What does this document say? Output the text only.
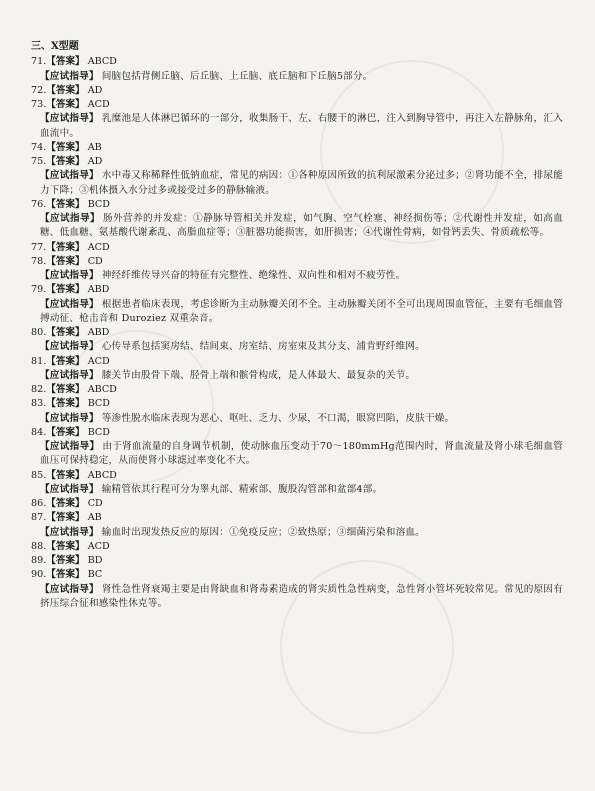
三、X型题
71.【答案】 ABCD
【应试指导】 间脑包括背侧丘脑、后丘脑、上丘脑、底丘脑和下丘脑5部分。
72.【答案】 AD
73.【答案】 ACD
【应试指导】 乳糜池是人体淋巴循环的一部分，收集肠干、左、右腰干的淋巴，注入到胸导管中，再注入左静脉角，汇入血流中。
74.【答案】 AB
75.【答案】 AD
【应试指导】 水中毒又称稀释性低钠血症，常见的病因：①各种原因所致的抗利尿激素分泌过多；②肾功能不全，排尿能力下降；③机体摄入水分过多或接受过多的静脉输液。
76.【答案】 BCD
【应试指导】 肠外营养的并发症：①静脉导管相关并发症，如气胸、空气栓塞、神经损伤等；②代谢性并发症，如高血糖、低血糖、氨基酸代谢紊乱、高脂血症等；③脏器功能损害，如肝损害；④代谢性骨病，如骨钙丢失、骨质疏松等。
77.【答案】 ACD
78.【答案】 CD
【应试指导】 神经纤维传导兴奋的特征有完整性、绝缘性、双向性和相对不疲劳性。
79.【答案】 ABD
【应试指导】 根据患者临床表现，考虑诊断为主动脉瓣关闭不全。主动脉瓣关闭不全可出现周围血管征，主要有毛细血管搏动征、枪击音和 Duroziez 双重杂音。
80.【答案】 ABD
【应试指导】 心传导系包括窦房结、结间束、房室结、房室束及其分支、浦肯野纤维网。
81.【答案】 ACD
【应试指导】 膝关节由股骨下端、胫骨上端和髌骨构成，是人体最大、最复杂的关节。
82.【答案】 ABCD
83.【答案】 BCD
【应试指导】 等渗性脱水临床表现为恶心、呕吐、乏力、少尿，不口渴，眼窝凹陷，皮肤干燥。
84.【答案】 BCD
【应试指导】 由于肾血流量的自身调节机制，使动脉血压变动于70～180mmHg范围内时，肾血流量及肾小球毛细血管血压可保持稳定，从而使肾小球滤过率变化不大。
85.【答案】 ABCD
【应试指导】 输精管依其行程可分为睾丸部、精索部、腹股沟管部和盆部4部。
86.【答案】 CD
87.【答案】 AB
【应试指导】 输血时出现发热反应的原因：①免疫反应；②致热原；③细菌污染和溶血。
88.【答案】 ACD
89.【答案】 BD
90.【答案】 BC
【应试指导】 肾性急性肾衰竭主要是由肾缺血和肾毒素造成的肾实质性急性病变，急性肾小管坏死较常见。常见的原因有挤压综合征和感染性休克等。
